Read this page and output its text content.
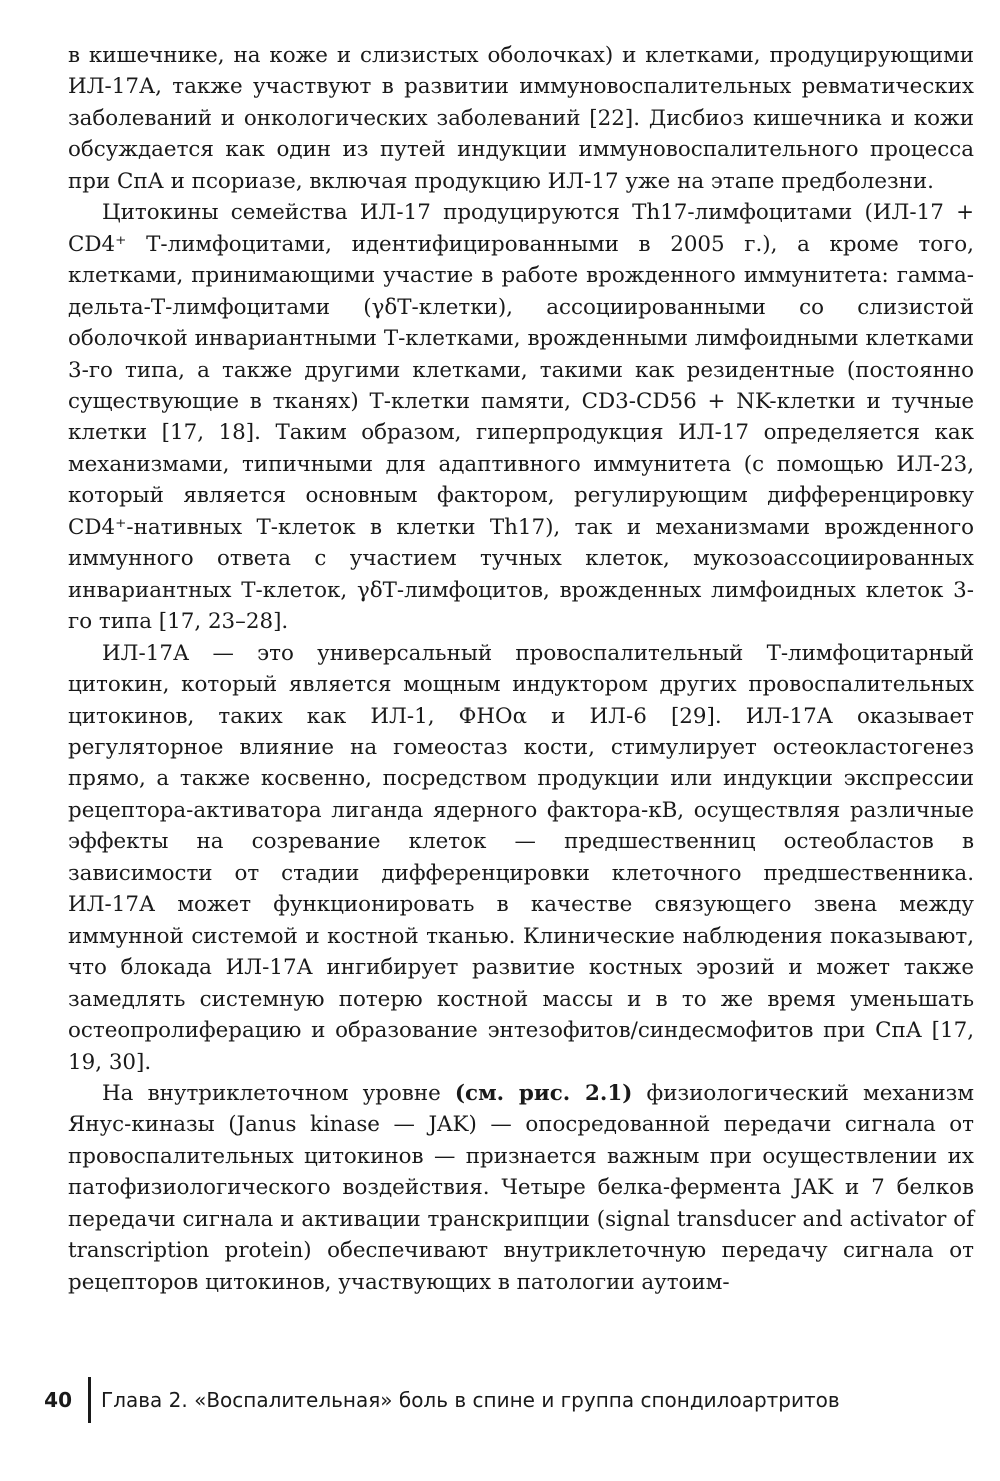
в кишечнике, на коже и слизистых оболочках) и клетками, продуцирующими ИЛ-17А, также участвуют в развитии иммуновоспалительных ревматических заболеваний и онкологических заболеваний [22]. Дисбиоз кишечника и кожи обсуждается как один из путей индукции иммуновоспалительного процесса при СпА и псориазе, включая продукцию ИЛ-17 уже на этапе предболезни.

Цитокины семейства ИЛ-17 продуцируются Th17-лимфоцитами (ИЛ-17 + CD4⁺ Т-лимфоцитами, идентифицированными в 2005 г.), а кроме того, клетками, принимающими участие в работе врожденного иммунитета: гамма-дельта-Т-лимфоцитами (γδТ-клетки), ассоциированными со слизистой оболочкой инвариантными Т-клетками, врожденными лимфоидными клетками 3-го типа, а также другими клетками, такими как резидентные (постоянно существующие в тканях) Т-клетки памяти, CD3-CD56 + NK-клетки и тучные клетки [17, 18]. Таким образом, гиперпродукция ИЛ-17 определяется как механизмами, типичными для адаптивного иммунитета (с помощью ИЛ-23, который является основным фактором, регулирующим дифференцировку CD4⁺-нативных Т-клеток в клетки Th17), так и механизмами врожденного иммунного ответа с участием тучных клеток, мукозоассоциированных инвариантных Т-клеток, γδТ-лимфоцитов, врожденных лимфоидных клеток 3-го типа [17, 23–28].

ИЛ-17А — это универсальный провоспалительный Т-лимфоцитарный цитокин, который является мощным индуктором других провоспалительных цитокинов, таких как ИЛ-1, ФНОα и ИЛ-6 [29]. ИЛ-17А оказывает регуляторное влияние на гомеостаз кости, стимулирует остеокластогенез прямо, а также косвенно, посредством продукции или индукции экспрессии рецептора-активатора лиганда ядерного фактора-κВ, осуществляя различные эффекты на созревание клеток — предшественниц остеобластов в зависимости от стадии дифференцировки клеточного предшественника. ИЛ-17А может функционировать в качестве связующего звена между иммунной системой и костной тканью. Клинические наблюдения показывают, что блокада ИЛ-17А ингибирует развитие костных эрозий и может также замедлять системную потерю костной массы и в то же время уменьшать остеопролиферацию и образование энтезофитов/синдесмофитов при СпА [17, 19, 30].

На внутриклеточном уровне (см. рис. 2.1) физиологический механизм Янус-киназы (Janus kinase — JAK) — опосредованной передачи сигнала от провоспалительных цитокинов — признается важным при осуществлении их патофизиологического воздействия. Четыре белка-фермента JAK и 7 белков передачи сигнала и активации транскрипции (signal transducer and activator of transcription protein) обеспечивают внутриклеточную передачу сигнала от рецепторов цитокинов, участвующих в патологии аутоим-

40 Глава 2. «Воспалительная» боль в спине и группа спондилоартритов
